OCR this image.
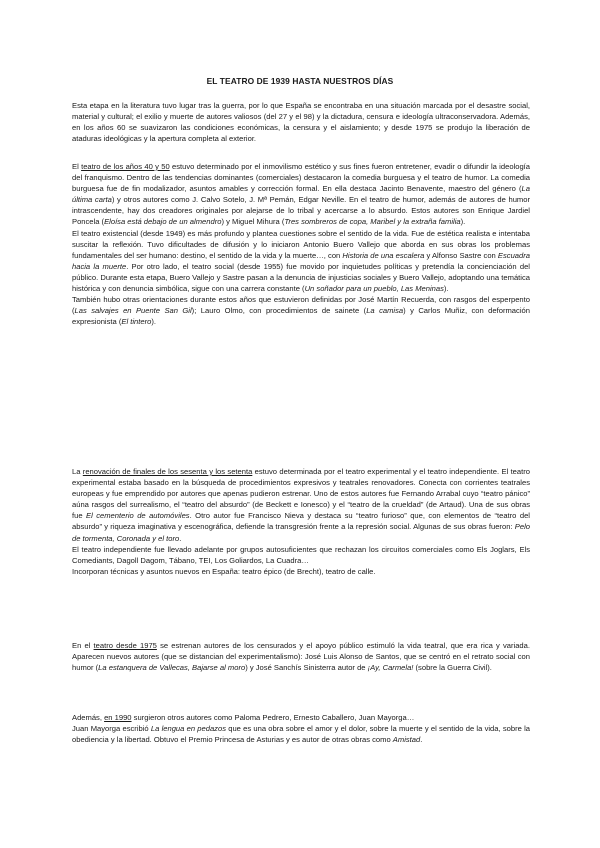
EL TEATRO DE 1939 HASTA NUESTROS DÍAS

Esta etapa en la literatura tuvo lugar tras la guerra, por lo que España se encontraba en una situación marcada por el desastre social, material y cultural; el exilio y muerte de autores valiosos (del 27 y el 98) y la dictadura, censura e ideología ultraconservadora. Además, en los años 60 se suavizaron las condiciones económicas, la censura y el aislamiento; y desde 1975 se produjo la liberación de ataduras ideológicas y la apertura completa al exterior.

El teatro de los años 40 y 50 estuvo determinado por el inmovilismo estético y sus fines fueron entretener, evadir o difundir la ideología del franquismo. Dentro de las tendencias dominantes (comerciales) destacaron la comedia burguesa y el teatro de humor. La comedia burguesa fue de fin modalizador, asuntos amables y corrección formal. En ella destaca Jacinto Benavente, maestro del género (La última carta) y otros autores como J. Calvo Sotelo, J. Mª Pemán, Edgar Neville. En el teatro de humor, además de autores de humor intrascendente, hay dos creadores originales por alejarse de lo tribal y acercarse a lo absurdo. Estos autores son Enrique Jardiel Poncela (Eloísa está debajo de un almendro) y Miguel Mihura (Tres sombreros de copa, Maribel y la extraña familia).

El teatro existencial (desde 1949) es más profundo y plantea cuestiones sobre el sentido de la vida. Fue de estética realista e intentaba suscitar la reflexión. Tuvo dificultades de difusión y lo iniciaron Antonio Buero Vallejo que aborda en sus obras los problemas fundamentales del ser humano: destino, el sentido de la vida y la muerte…, con Historia de una escalera y Alfonso Sastre con Escuadra hacia la muerte. Por otro lado, el teatro social (desde 1955) fue movido por inquietudes políticas y pretendía la concienciación del público. Durante esta etapa, Buero Vallejo y Sastre pasan a la denuncia de injusticias sociales y Buero Vallejo, adoptando una temática histórica y con denuncia simbólica, sigue con una carrera constante (Un soñador para un pueblo, Las Meninas).

También hubo otras orientaciones durante estos años que estuvieron definidas por José Martín Recuerda, con rasgos del esperpento (Las salvajes en Puente San Gil); Lauro Olmo, con procedimientos de sainete (La camisa) y Carlos Muñiz, con deformación expresionista (El tintero).

La renovación de finales de los sesenta y los setenta estuvo determinada por el teatro experimental y el teatro independiente. El teatro experimental estaba basado en la búsqueda de procedimientos expresivos y teatrales renovadores. Conecta con corrientes teatrales europeas y fue emprendido por autores que apenas pudieron estrenar. Uno de estos autores fue Fernando Arrabal cuyo “teatro pánico” aúna rasgos del surrealismo, el “teatro del absurdo” (de Beckett e Ionesco) y el “teatro de la crueldad” (de Artaud). Una de sus obras fue El cementerio de automóviles. Otro autor fue Francisco Nieva y destaca su “teatro furioso” que, con elementos de “teatro del absurdo” y riqueza imaginativa y escenográfica, defiende la transgresión frente a la represión social. Algunas de sus obras fueron: Pelo de tormenta, Coronada y el toro.

El teatro independiente fue llevado adelante por grupos autosuficientes que rechazan los circuitos comerciales como Els Joglars, Els Comediants, Dagoll Dagom, Tábano, TEI, Los Goliardos, La Cuadra…

Incorporan técnicas y asuntos nuevos en España: teatro épico (de Brecht), teatro de calle.

En el teatro desde 1975 se estrenan autores de los censurados y el apoyo público estimuló la vida teatral, que era rica y variada. Aparecen nuevos autores (que se distancian del experimentalismo): José Luis Alonso de Santos, que se centró en el retrato social con humor (La estanquera de Vallecas, Bajarse al moro) y José Sanchís Sinisterra autor de ¡Ay, Carmela! (sobre la Guerra Civil).

Además, en 1990 surgieron otros autores como Paloma Pedrero, Ernesto Caballero, Juan Mayorga…

Juan Mayorga escribió La lengua en pedazos que es una obra sobre el amor y el dolor, sobre la muerte y el sentido de la vida, sobre la obediencia y la libertad. Obtuvo el Premio Princesa de Asturias y es autor de otras obras como Amistad.
